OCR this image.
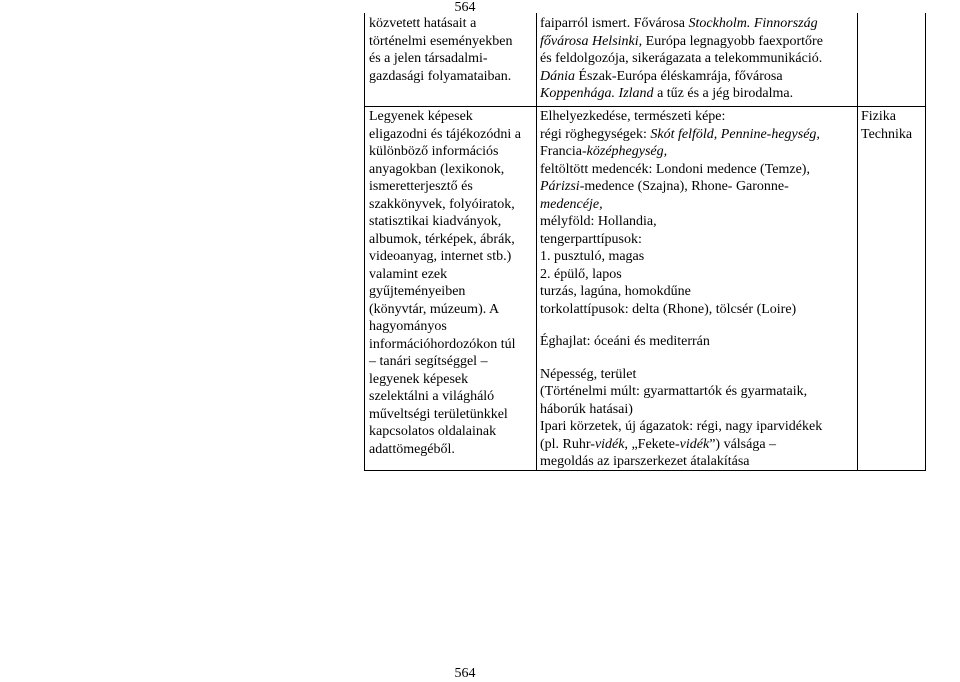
564
közvetett hatásait a
történelmi eseményekben
és a jelen társadalmi-
gazdasági folyamataiban.
faiparról ismert. Fővárosa Stockholm. Finnország
fővárosa Helsinki, Európa legnagyobb faexportőre
és feldolgozója, sikerágazata a telekommunikáció.
Dánia Észak-Európa éléskamrája, fővárosa
Koppenhága. Izland a tűz és a jég birodalma.
Legyenek képesek
eligazodni és tájékozódni a
különböző információs
anyagokban (lexikonok,
ismeretterjesztő és
szakkönyvek, folyóiratok,
statisztikai kiadványok,
albumok, térképek, ábrák,
videoanyag, internet stb.)
valamint ezek
gyűjteményeiben
(könyvtár, múzeum). A
hagyományos
információhordozókon túl
– tanári segítséggel –
legyenek képesek
szelektálni a világháló
műveltségi területünkkel
kapcsolatos oldalainak
adattömegéből.
Elhelyezkedése, természeti képe:
régi röghegységek: Skót felföld, Pennine-hegység,
Francia-középhegység,
feltöltött medencék: Londoni medence (Temze),
Párizsi-medence (Szajna), Rhone- Garonne-
medencéje,
mélyföld: Hollandia,
tengerparttípusok:
1. pusztuló, magas
2. épülő, lapos
turzás, lagúna, homokdűne
torkolattípusok: delta (Rhone), tölcsér (Loire)
Éghajlat: óceáni és mediterrán
Népesség, terület
(Történelmi múlt: gyarmattartók és gyarmataik,
háborúk hatásai)
Ipari körzetek, új ágazatok: régi, nagy iparvidékek
(pl. Ruhr-vidék, „Fekete-vidék”) válsága –
megoldás az iparszerkezet átalakítása
Fizika
Technika
564
